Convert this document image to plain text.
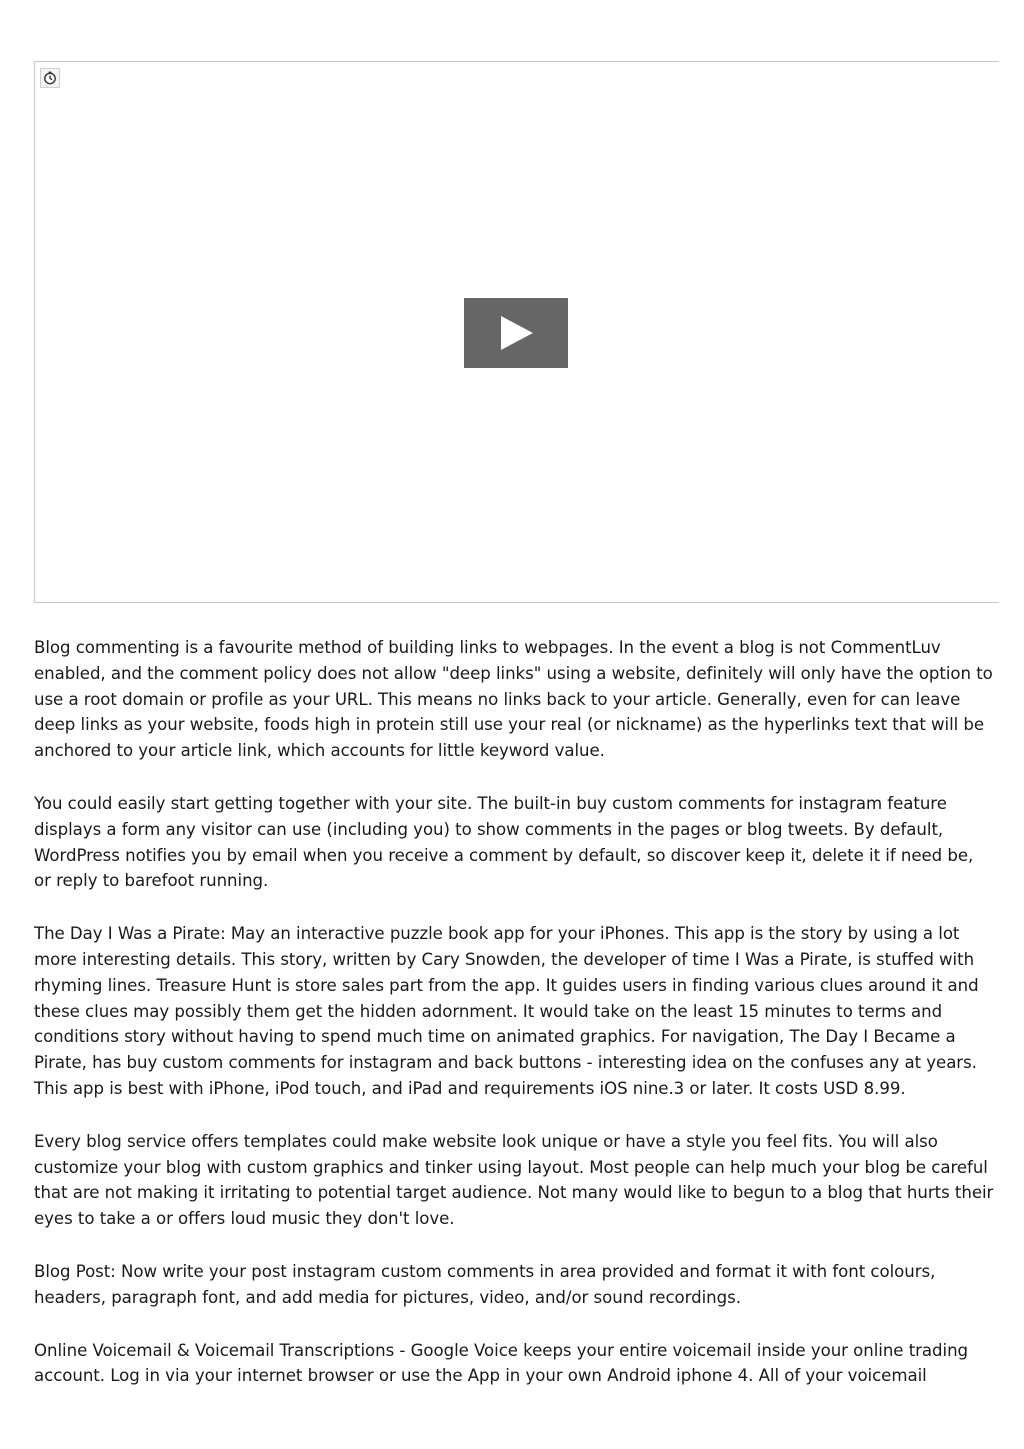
Blog commenting is a favourite method of building links to webpages. In the event a blog is not CommentLuv enabled, and the comment policy does not allow "deep links" using a website, definitely will only have the option to use a root domain or profile as your URL. This means no links back to your article. Generally, even for can leave deep links as your website, foods high in protein still use your real (or nickname) as the hyperlinks text that will be anchored to your article link, which accounts for little keyword value.

You could easily start getting together with your site. The built-in buy custom comments for instagram feature displays a form any visitor can use (including you) to show comments in the pages or blog tweets. By default, WordPress notifies you by email when you receive a comment by default, so discover keep it, delete it if need be, or reply to barefoot running.

The Day I Was a Pirate: May an interactive puzzle book app for your iPhones. This app is the story by using a lot more interesting details. This story, written by Cary Snowden, the developer of time I Was a Pirate, is stuffed with rhyming lines. Treasure Hunt is store sales part from the app. It guides users in finding various clues around it and these clues may possibly them get the hidden adornment. It would take on the least 15 minutes to terms and conditions story without having to spend much time on animated graphics. For navigation, The Day I Became a Pirate, has buy custom comments for instagram and back buttons - interesting idea on the confuses any at years. This app is best with iPhone, iPod touch, and iPad and requirements iOS nine.3 or later. It costs USD 8.99.

Every blog service offers templates could make website look unique or have a style you feel fits. You will also customize your blog with custom graphics and tinker using layout. Most people can help much your blog be careful that are not making it irritating to potential target audience. Not many would like to begun to a blog that hurts their eyes to take a or offers loud music they don't love.

Blog Post: Now write your post instagram custom comments in area provided and format it with font colours, headers, paragraph font, and add media for pictures, video, and/or sound recordings.

Online Voicemail & Voicemail Transcriptions - Google Voice keeps your entire voicemail inside your online trading account. Log in via your internet browser or use the App in your own Android iphone 4. All of your voicemail
